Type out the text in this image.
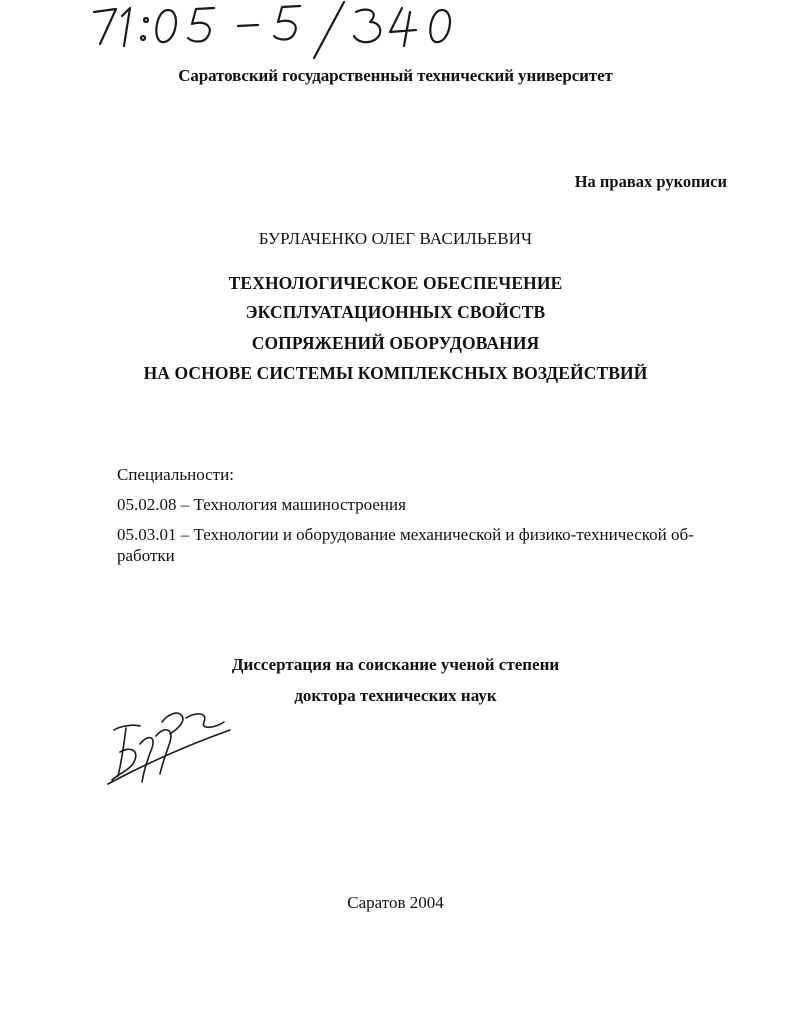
Саратовский государственный технический университет
На правах рукописи
БУРЛАЧЕНКО ОЛЕГ ВАСИЛЬЕВИЧ
ТЕХНОЛОГИЧЕСКОЕ ОБЕСПЕЧЕНИЕ
ЭКСПЛУАТАЦИОННЫХ СВОЙСТВ
СОПРЯЖЕНИЙ ОБОРУДОВАНИЯ
НА ОСНОВЕ СИСТЕМЫ КОМПЛЕКСНЫХ ВОЗДЕЙСТВИЙ
Специальности:
05.02.08 – Технология машиностроения
05.03.01 – Технологии и оборудование механической и физико-технической об-
работки
Диссертация на соискание ученой степени
доктора технических наук
Саратов 2004
